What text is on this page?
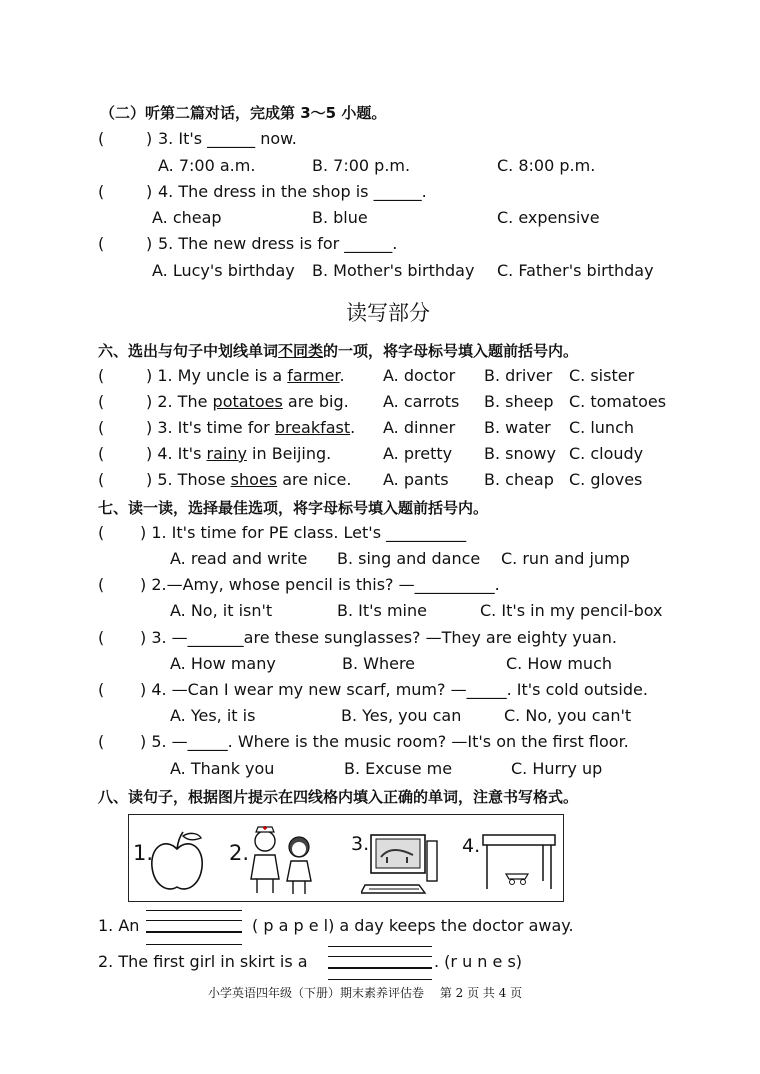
（二）听第二篇对话，完成第 3～5 小题。
(	) 3. It's ______ now.
A. 7:00 a.m.	B. 7:00 p.m.	C. 8:00 p.m.
(	) 4. The dress in the shop is ______.
A. cheap	B. blue	C. expensive
(	) 5. The new dress is for ______.
A. Lucy's birthday B. Mother's birthday C. Father's birthday
读写部分
六、选出与句子中划线单词不同类的一项，将字母标号填入题前括号内。
(	) 1. My uncle is a farmer. A. doctor B. driver C. sister
(	) 2. The potatoes are big. A. carrots B. sheep C. tomatoes
(	) 3. It's time for breakfast. A. dinner B. water C. lunch
(	) 4. It's rainy in Beijing.	A. pretty B. snowy C. cloudy
(	) 5. Those shoes are nice. A. pants B. cheap C. gloves
七、读一读，选择最佳选项，将字母标号填入题前括号内。
( ) 1. It's time for PE class. Let's __________
A. read and write B. sing and dance C. run and jump
( ) 2.—Amy, whose pencil is this? —__________.
A. No, it isn't	B. It's mine	C. It's in my pencil-box
( ) 3. —_______are these sunglasses? —They are eighty yuan.
A. How many	B. Where	C. How much
( ) 4. —Can I wear my new scarf, mum? —_____. It's cold outside.
A. Yes, it is	B. Yes, you can	C. No, you can't
( ) 5. —_____. Where is the music room? —It's on the first floor.
A. Thank you	B. Excuse me	C. Hurry up
八、读句子，根据图片提示在四线格内填入正确的单词，注意书写格式。
1.	2.	3.	4.
1. An	( p a p e l) a day keeps the doctor away.
2. The first girl in skirt is a	. (r u n e s)
小学英语四年级（下册）期末素养评估卷　 第 2 页 共 4 页
